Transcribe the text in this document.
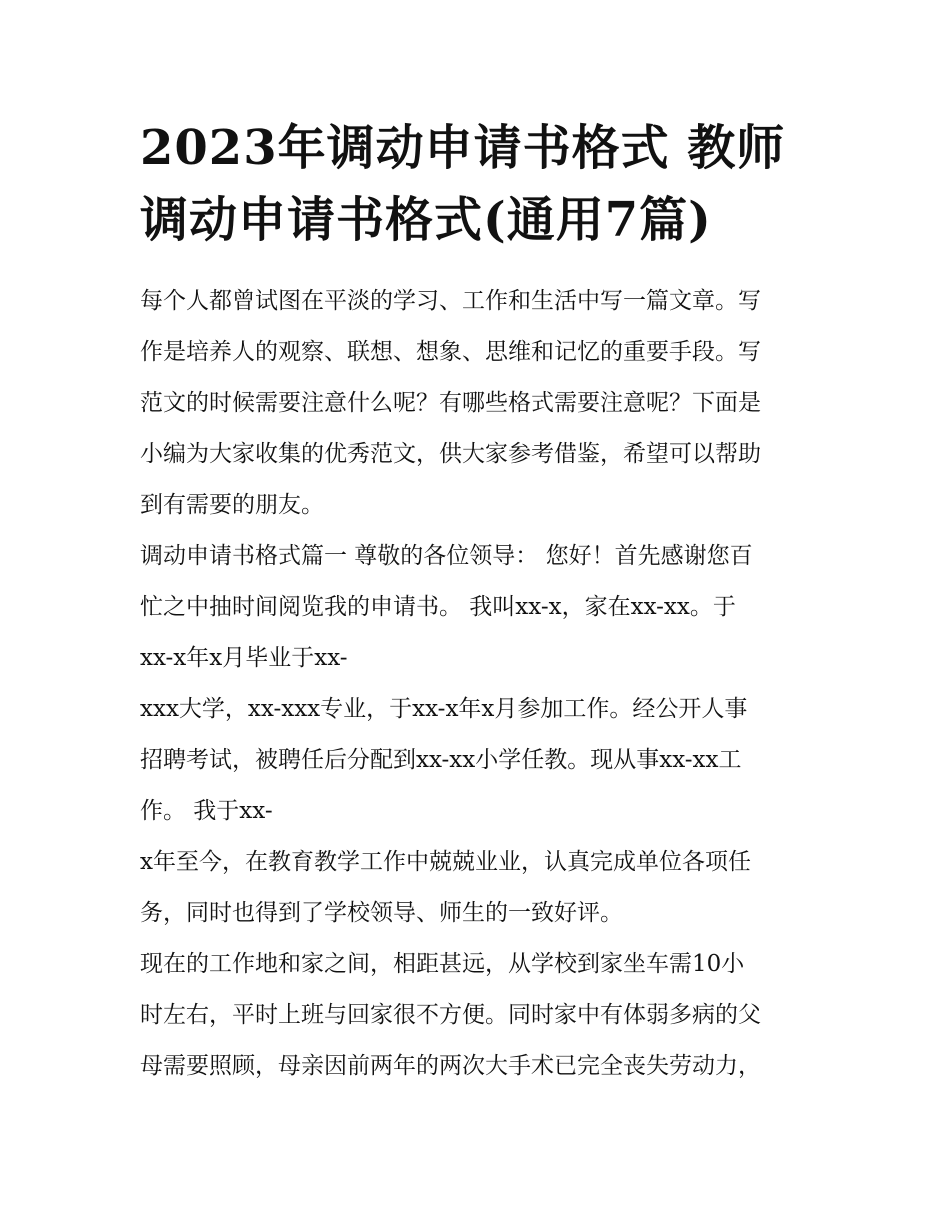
2023年调动申请书格式 教师
调动申请书格式(通用7篇)

每个人都曾试图在平淡的学习、工作和生活中写一篇文章。写
作是培养人的观察、联想、想象、思维和记忆的重要手段。写
范文的时候需要注意什么呢？有哪些格式需要注意呢？下面是
小编为大家收集的优秀范文，供大家参考借鉴，希望可以帮助
到有需要的朋友。

调动申请书格式篇一 尊敬的各位领导： 您好！首先感谢您百
忙之中抽时间阅览我的申请书。 我叫xx-x，家在xx-xx。于
xx-x年x月毕业于xx-

xxx大学，xx-xxx专业，于xx-x年x月参加工作。经公开人事
招聘考试，被聘任后分配到xx-xx小学任教。现从事xx-xx工
作。 我于xx-

x年至今，在教育教学工作中兢兢业业，认真完成单位各项任
务，同时也得到了学校领导、师生的一致好评。

现在的工作地和家之间，相距甚远，从学校到家坐车需10小
时左右，平时上班与回家很不方便。同时家中有体弱多病的父
母需要照顾，母亲因前两年的两次大手术已完全丧失劳动力，
